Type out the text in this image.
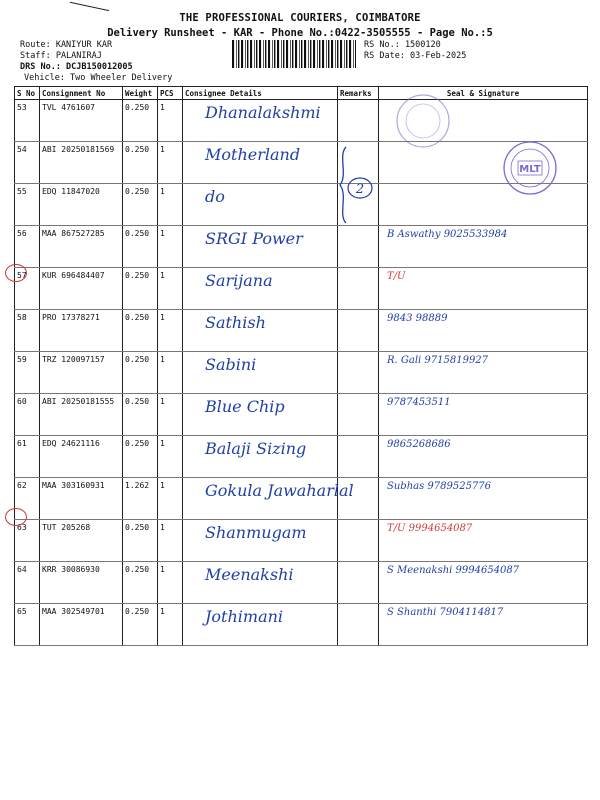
THE PROFESSIONAL COURIERS, COIMBATORE
Delivery Runsheet - KAR - Phone No.:0422-3505555 - Page No.:5
Route: KANIYUR KAR
Staff: PALANIRAJ
DRS No.: DCJB150012005
Vehicle: Two Wheeler Delivery
RS No.: 1500120
RS Date: 03-Feb-2025
S No	Consignment No	Weight	PCS	Consignee Details	Remarks	Seal & Signature
53	TVL 4761607	0.250	1	Dhanalakshmi		
54	ABI 20250181569	0.250	1	Motherland		
55	EDQ 11847020	0.250	1	do		
56	MAA 867527285	0.250	1	SRGI Power		B Aswathy 9025533984
57	KUR 696484407	0.250	1	Sarijana		T/U
58	PRO 17378271	0.250	1	Sathish		9843 98889
59	TRZ 120097157	0.250	1	Sabini		R. Gali 9715819927
60	ABI 20250181555	0.250	1	Blue Chip		9787453511
61	EDQ 24621116	0.250	1	Balaji Sizing		9865268686
62	MAA 303160931	1.262	1	Gokula Jawaharlal		Subhas 9789525776
63	TUT 205268	0.250	1	Shanmugam		T/U 9994654087
64	KRR 30086930	0.250	1	Meenakshi		S Meenakshi 9994654087
65	MAA 302549701	0.250	1	Jothimani		S Shanthi 7904114817
MLT
2
